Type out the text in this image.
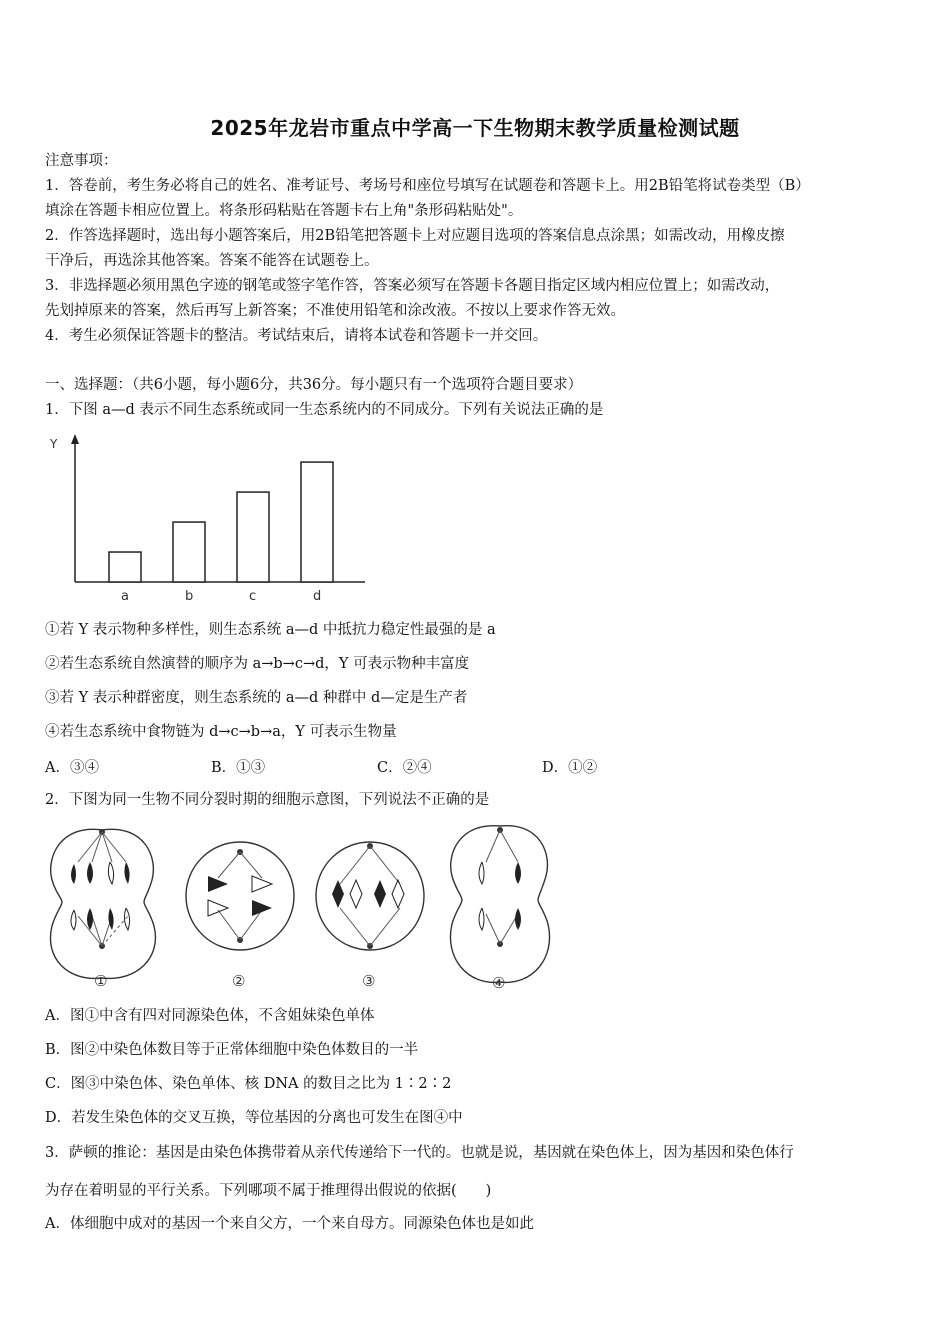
2025年龙岩市重点中学高一下生物期末教学质量检测试题
注意事项：
1．答卷前，考生务必将自己的姓名、准考证号、考场号和座位号填写在试题卷和答题卡上。用2B铅笔将试卷类型（B）
填涂在答题卡相应位置上。将条形码粘贴在答题卡右上角"条形码粘贴处"。
2．作答选择题时，选出每小题答案后，用2B铅笔把答题卡上对应题目选项的答案信息点涂黑；如需改动，用橡皮擦
干净后，再选涂其他答案。答案不能答在试题卷上。
3．非选择题必须用黑色字迹的钢笔或签字笔作答，答案必须写在答题卡各题目指定区域内相应位置上；如需改动，
先划掉原来的答案，然后再写上新答案；不准使用铅笔和涂改液。不按以上要求作答无效。
4．考生必须保证答题卡的整洁。考试结束后，请将本试卷和答题卡一并交回。
一、选择题：（共6小题，每小题6分，共36分。每小题只有一个选项符合题目要求）
1．下图 a—d 表示不同生态系统或同一生态系统内的不同成分。下列有关说法正确的是
Y
a	b	c	d
①若 Y 表示物种多样性，则生态系统 a—d 中抵抗力稳定性最强的是 a
②若生态系统自然演替的顺序为 a→b→c→d，Y 可表示物种丰富度
③若 Y 表示种群密度，则生态系统的 a—d 种群中 d—定是生产者
④若生态系统中食物链为 d→c→b→a，Y 可表示生物量
A．③④	B．①③	C．②④	D．①②
2．下图为同一生物不同分裂时期的细胞示意图，下列说法不正确的是
①	②	③	④
A．图①中含有四对同源染色体，不含姐妹染色单体
B．图②中染色体数目等于正常体细胞中染色体数目的一半
C．图③中染色体、染色单体、核 DNA 的数目之比为 1∶2∶2
D．若发生染色体的交叉互换，等位基因的分离也可发生在图④中
3．萨顿的推论：基因是由染色体携带着从亲代传递给下一代的。也就是说，基因就在染色体上，因为基因和染色体行
为存在着明显的平行关系。下列哪项不属于推理得出假说的依据(　　)
A．体细胞中成对的基因一个来自父方，一个来自母方。同源染色体也是如此
